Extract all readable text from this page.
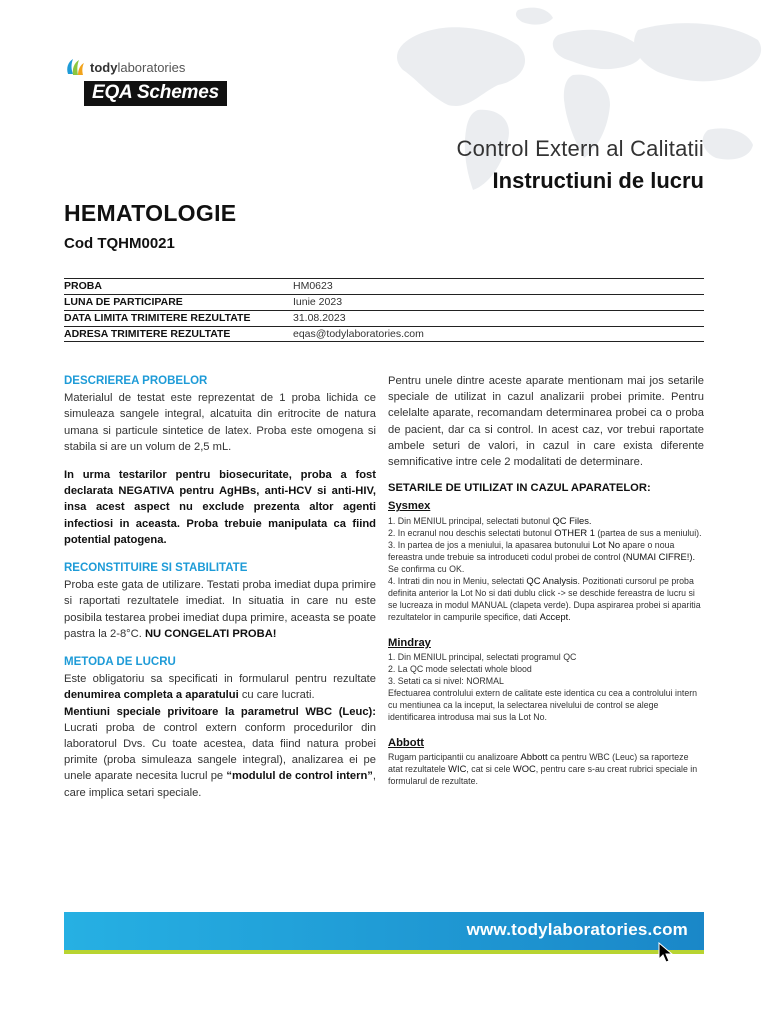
todylaboratories
EQA Schemes
Control Extern al Calitatii
Instructiuni de lucru
HEMATOLOGIE
Cod TQHM0021
PROBA	HM0623
LUNA DE PARTICIPARE	Iunie 2023
DATA LIMITA TRIMITERE REZULTATE	31.08.2023
ADRESA TRIMITERE REZULTATE	eqas@todylaboratories.com
DESCRIEREA PROBELOR
Materialul de testat este reprezentat de 1 proba lichida ce simuleaza sangele integral, alcatuita din eritrocite de natura umana si particule sintetice de latex. Proba este omogena si stabila si are un volum de 2,5 mL.
In urma testarilor pentru biosecuritate, proba a fost declarata NEGATIVA pentru AgHBs, anti-HCV si anti-HIV, insa acest aspect nu exclude prezenta altor agenti infectiosi in aceasta. Proba trebuie manipulata ca fiind potential patogena.
RECONSTITUIRE SI STABILITATE
Proba este gata de utilizare. Testati proba imediat dupa primire si raportati rezultatele imediat. In situatia in care nu este posibila testarea probei imediat dupa primire, aceasta se poate pastra la 2-8°C. NU CONGELATI PROBA!
METODA DE LUCRU
Este obligatoriu sa specificati in formularul pentru rezultate denumirea completa a aparatului cu care lucrati.
Mentiuni speciale privitoare la parametrul WBC (Leuc): Lucrati proba de control extern conform procedurilor din laboratorul Dvs. Cu toate acestea, data fiind natura probei primite (proba simuleaza sangele integral), analizarea ei pe unele aparate necesita lucrul pe “modulul de control intern”, care implica setari speciale.
Pentru unele dintre aceste aparate mentionam mai jos setarile speciale de utilizat in cazul analizarii probei primite. Pentru celelalte aparate, recomandam determinarea probei ca o proba de pacient, dar ca si control. In acest caz, vor trebui raportate ambele seturi de valori, in cazul in care exista diferente semnificative intre cele 2 modalitati de determinare.
SETARILE DE UTILIZAT IN CAZUL APARATELOR:
Sysmex
1. Din MENIUL principal, selectati butonul QC Files.
2. In ecranul nou deschis selectati butonul OTHER 1 (partea de sus a meniului).
3. In partea de jos a meniului, la apasarea butonului Lot No apare o noua fereastra unde trebuie sa introduceti codul probei de control (NUMAI CIFRE!). Se confirma cu OK.
4. Intrati din nou in Meniu, selectati QC Analysis. Pozitionati cursorul pe proba definita anterior la Lot No si dati dublu click -> se deschide fereastra de lucru si se lucreaza in modul MANUAL (clapeta verde). Dupa aspirarea probei si aparitia rezultatelor in campurile specifice, dati Accept.
Mindray
1. Din MENIUL principal, selectati programul QC
2. La QC mode selectati whole blood
3. Setati ca si nivel: NORMAL
Efectuarea controlului extern de calitate este identica cu cea a controlului intern cu mentiunea ca la inceput, la selectarea nivelului de control se alege identificarea introdusa mai sus la Lot No.
Abbott
Rugam participantii cu analizoare Abbott ca pentru WBC (Leuc) sa raporteze atat rezultatele WIC, cat si cele WOC, pentru care s-au creat rubrici speciale in formularul de rezultate.
www.todylaboratories.com
